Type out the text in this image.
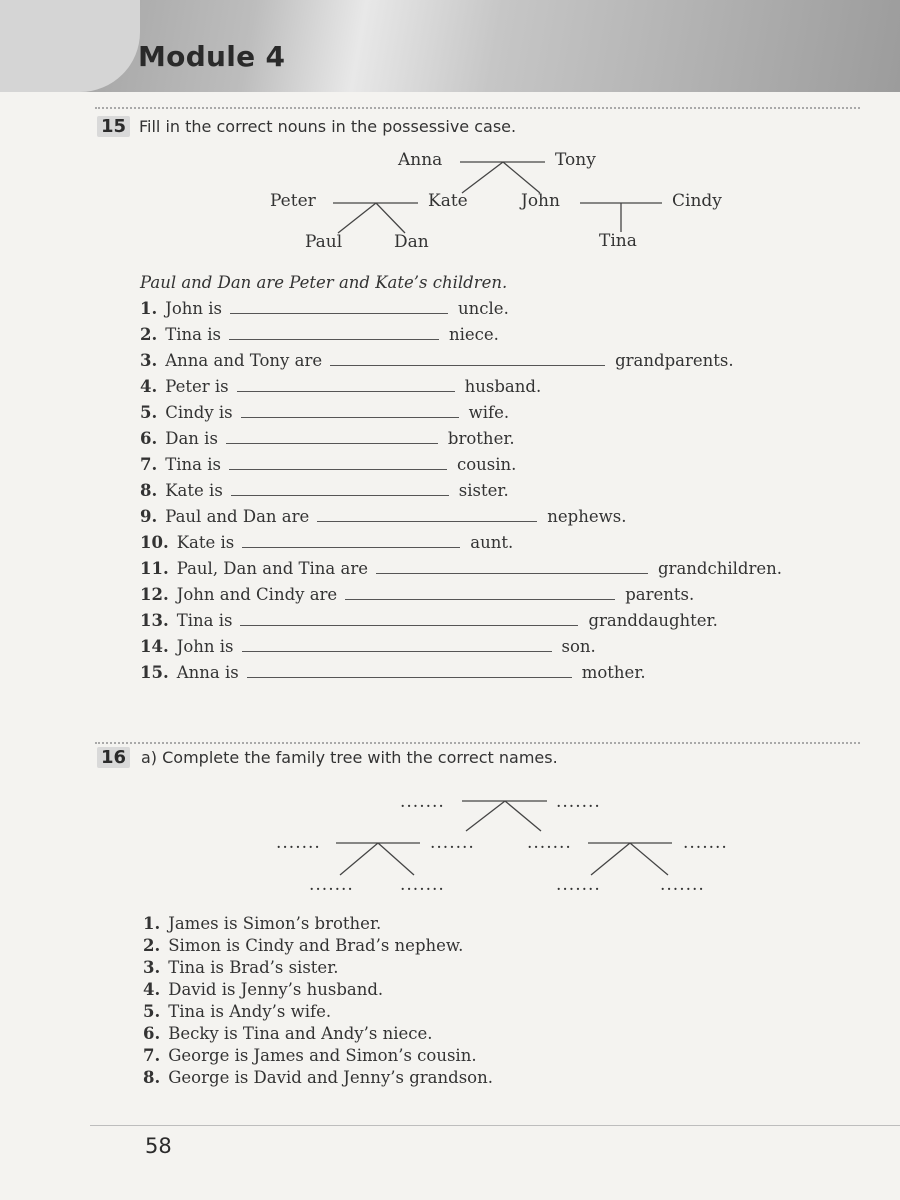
Module 4
15 Fill in the correct nouns in the possessive case.
Anna	Tony
Peter	Kate	John	Cindy
Paul	Dan	Tina
Paul and Dan are Peter and Kate’s children.
1. John is	uncle.
2. Tina is	niece.
3. Anna and Tony are	grandparents.
4. Peter is	husband.
5. Cindy is	wife.
6. Dan is	brother.
7. Tina is	cousin.
8. Kate is	sister.
9. Paul and Dan are	nephews.
10. Kate is	aunt.
11. Paul, Dan and Tina are	grandchildren.
12. John and Cindy are	parents.
13. Tina is	granddaughter.
14. John is	son.
15. Anna is	mother.
16 a) Complete the family tree with the correct names.
.......	.......
.......	.......	.......	.......
.......	.......	.......	.......
1. James is Simon’s brother.
2. Simon is Cindy and Brad’s nephew.
3. Tina is Brad’s sister.
4. David is Jenny’s husband.
5. Tina is Andy’s wife.
6. Becky is Tina and Andy’s niece.
7. George is James and Simon’s cousin.
8. George is David and Jenny’s grandson.
58
